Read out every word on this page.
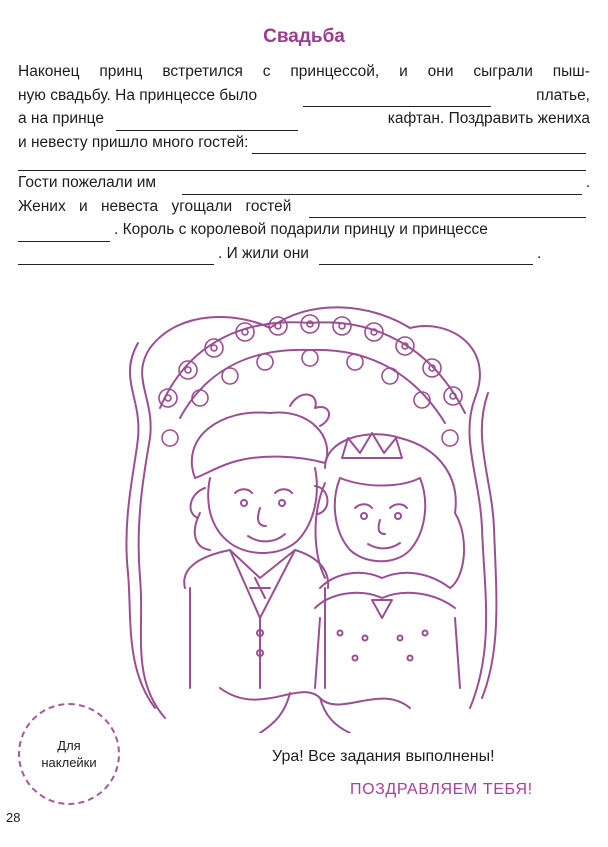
Свадьба
Наконец принц встретился с принцессой, и они сыграли пыш-
ную свадьбу. На принцессе было	платье,
а на принце	кафтан. Поздравить жениха
и невесту пришло много гостей:
Гости пожелали им	.
Жених и невеста угощали гостей
. Король с королевой подарили принцу и принцессе
. И жили они	.
Для наклейки	Ура! Все задания выполнены!
ПОЗДРАВЛЯЕМ ТЕБЯ!
28
